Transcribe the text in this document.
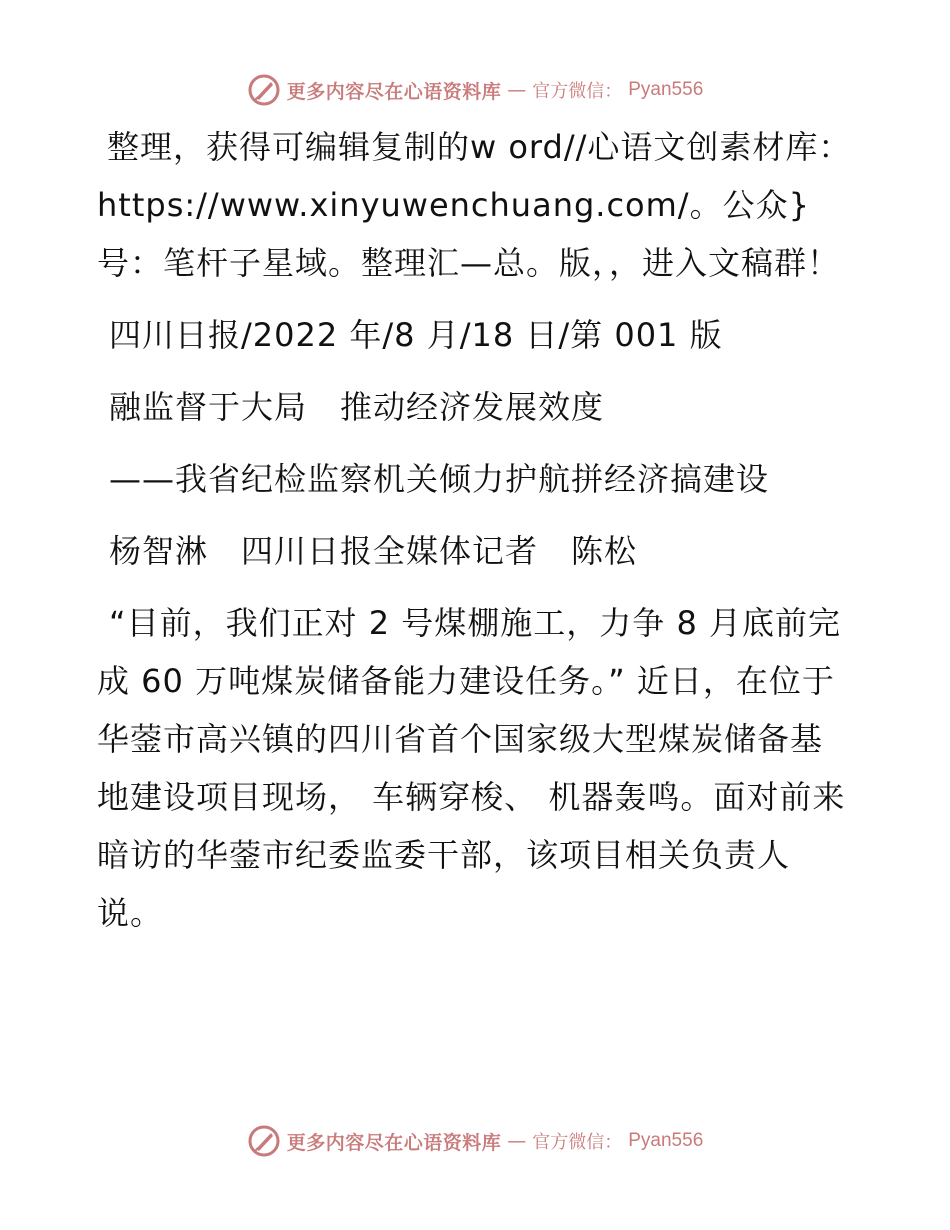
更多内容尽在心语资料库 — 官方微信： Pyan556

整理，获得可编辑复制的w ord//心语文创素材库：https://www.xinyuwenchuang.com/。公众}号：笔杆子星域。整理汇—总。版，，进入文稿群！

四川日报/2022 年/8 月/18 日/第 001 版

融监督于大局　推动经济发展效度

——我省纪检监察机关倾力护航拼经济搞建设

杨智淋　四川日报全媒体记者　陈松

“目前，我们正对 2 号煤棚施工，力争 8 月底前完成 60 万吨煤炭储备能力建设任务。” 近日，在位于华蓥市高兴镇的四川省首个国家级大型煤炭储备基地建设项目现场， 车辆穿梭、 机器轰鸣。面对前来暗访的华蓥市纪委监委干部，该项目相关负责人说。

更多内容尽在心语资料库 — 官方微信： Pyan556
